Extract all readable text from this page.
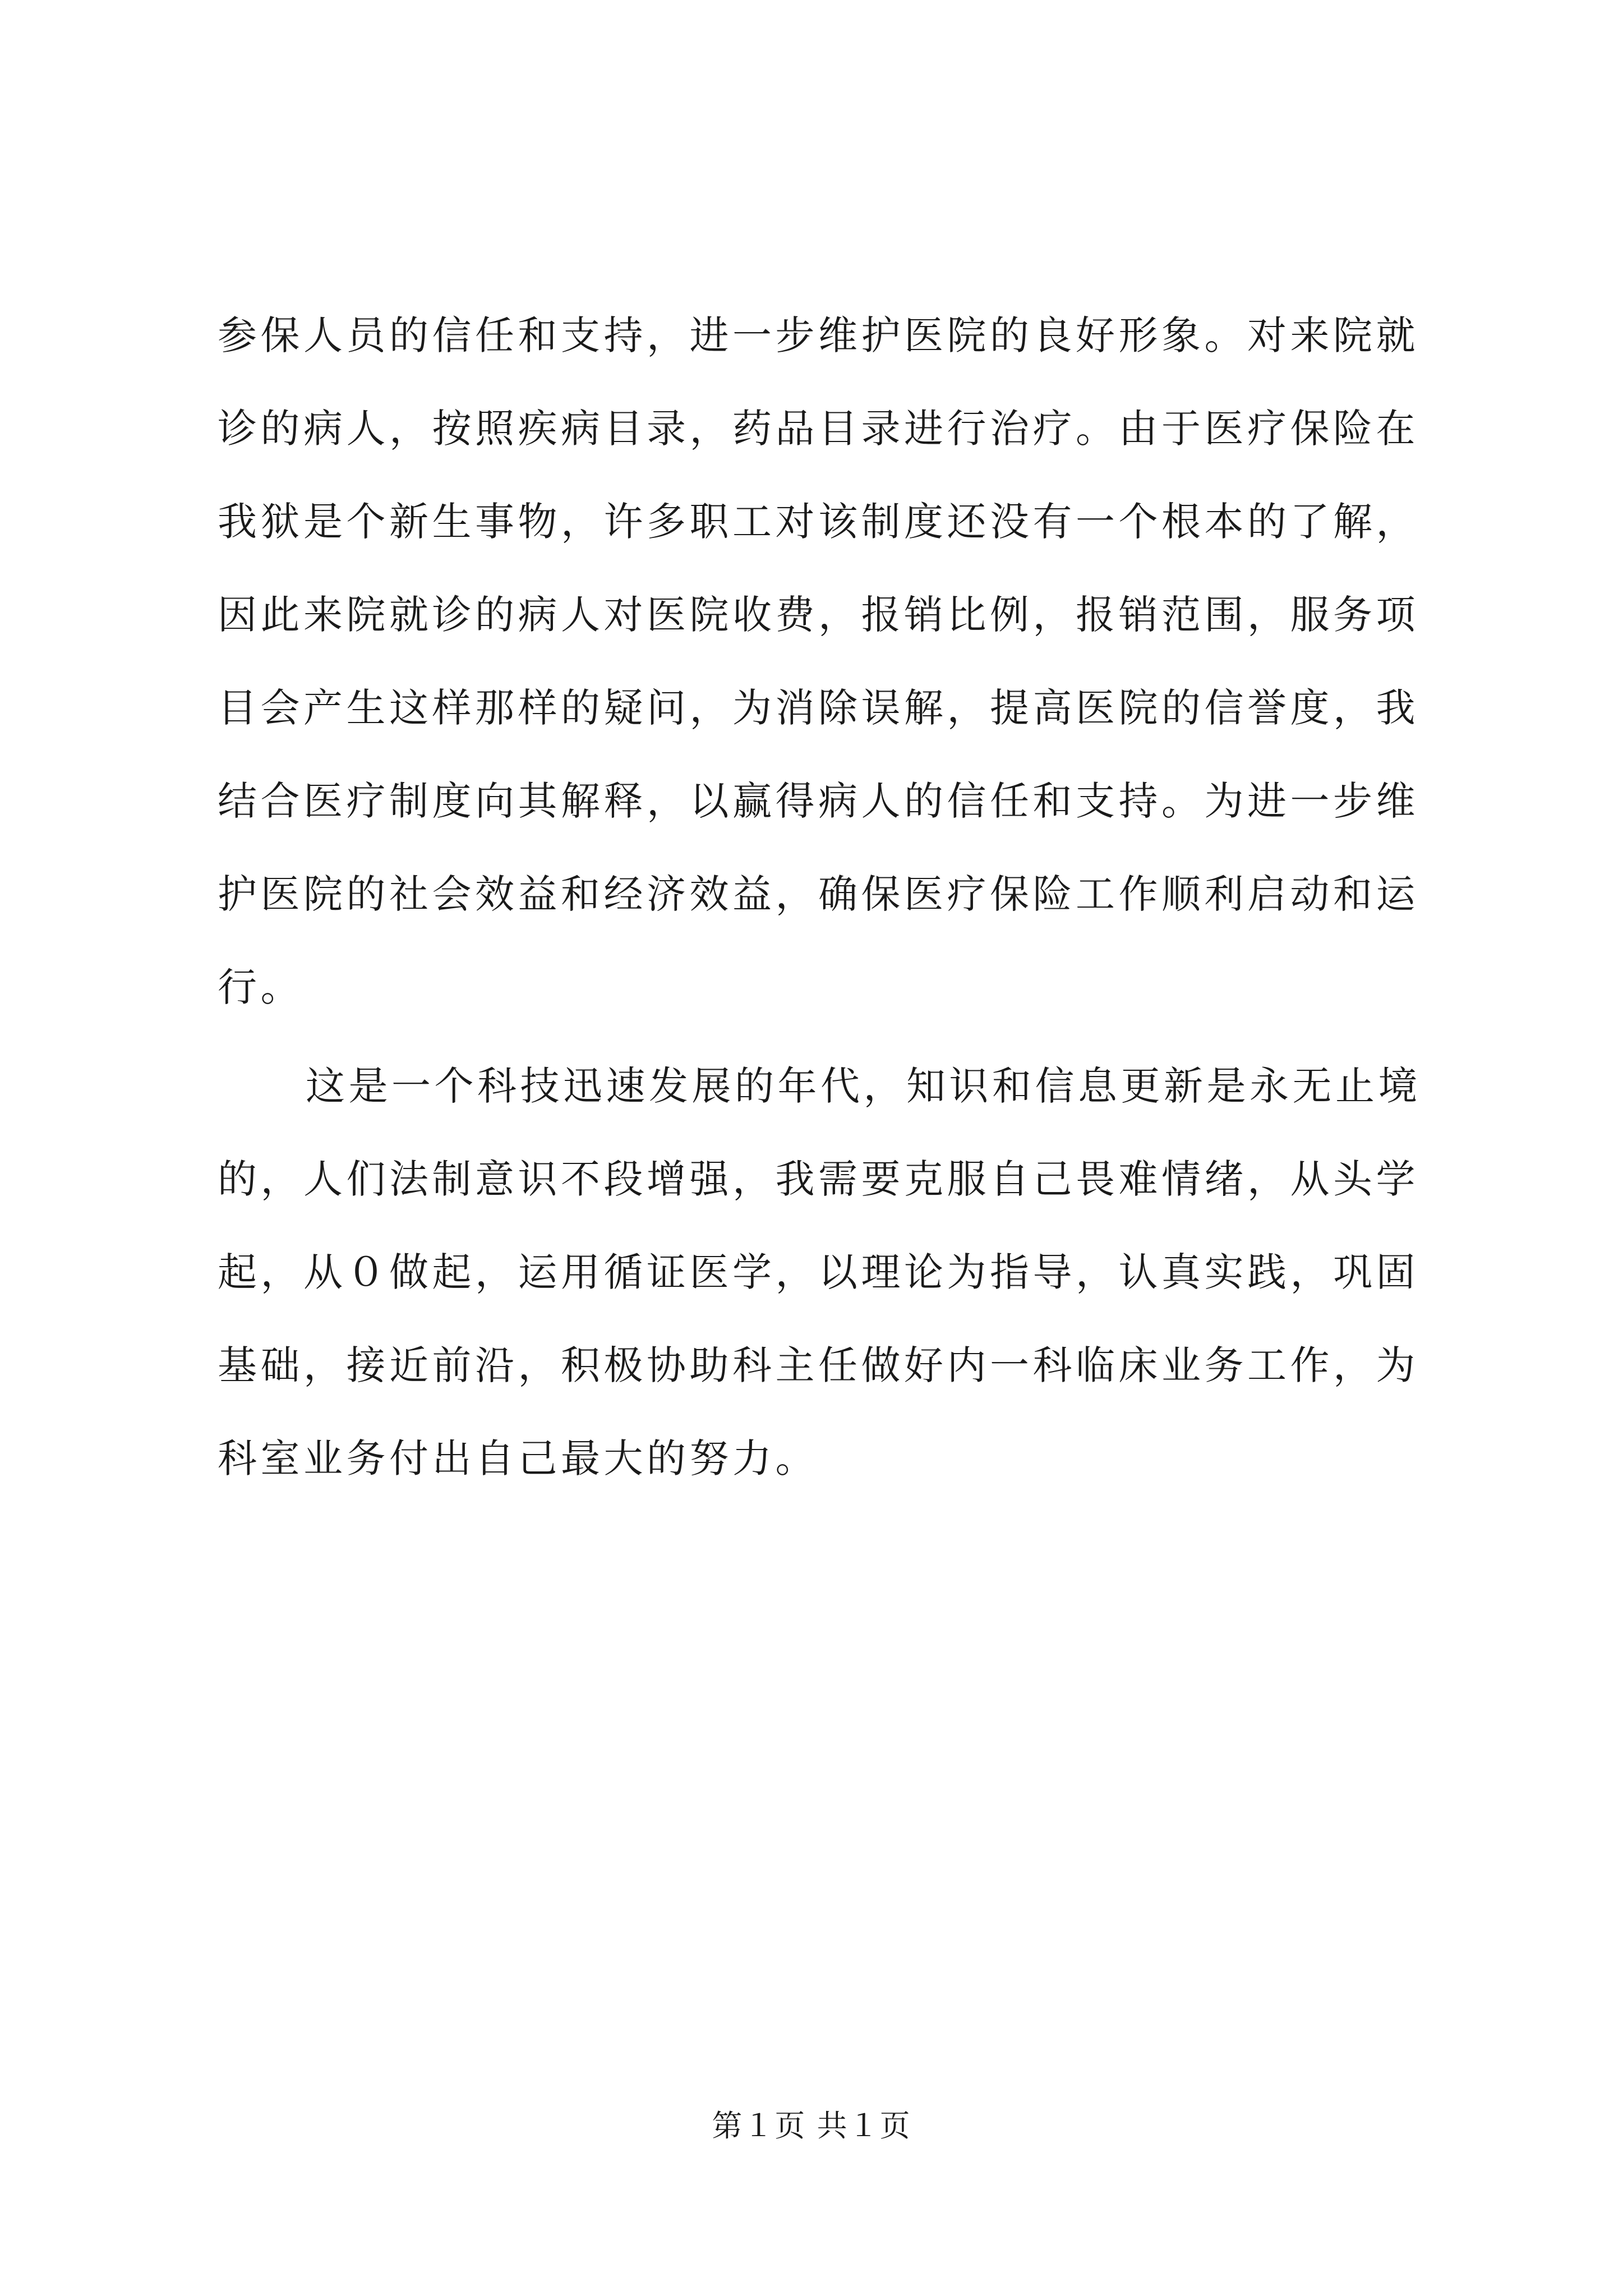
参保人员的信任和支持，进一步维护医院的良好形象。对来院就
诊的病人，按照疾病目录，药品目录进行治疗。由于医疗保险在
我狱是个新生事物，许多职工对该制度还没有一个根本的了解，
因此来院就诊的病人对医院收费，报销比例，报销范围，服务项
目会产生这样那样的疑问，为消除误解，提高医院的信誉度，我
结合医疗制度向其解释，以赢得病人的信任和支持。为进一步维
护医院的社会效益和经济效益，确保医疗保险工作顺利启动和运
行。
这是一个科技迅速发展的年代，知识和信息更新是永无止境
的，人们法制意识不段增强，我需要克服自己畏难情绪，从头学
起，从０做起，运用循证医学，以理论为指导，认真实践，巩固
基础，接近前沿，积极协助科主任做好内一科临床业务工作，为
科室业务付出自己最大的努力。
第１页 共１页
